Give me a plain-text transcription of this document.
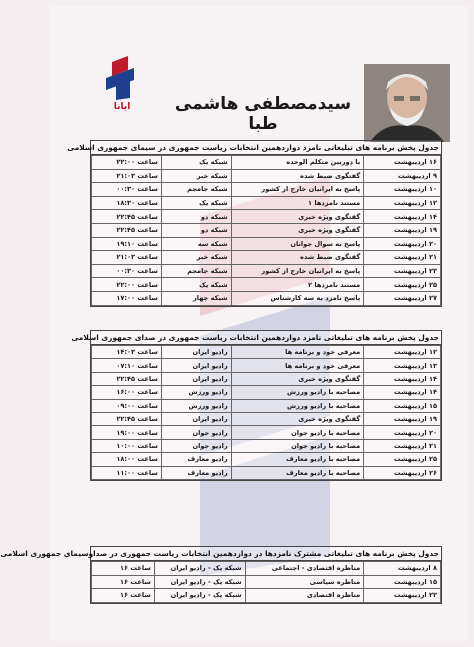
ایانا	سیدمصطفی هاشمی طبا
جدول پخش برنامه های تبلیغاتی نامزد دوازدهمین انتخابات ریاست جمهوری در سیمای جمهوری اسلامی
۱۶ اردیبهشت	با دوربین متکلم الوحده	شبکه یک	ساعت ۲۲:۰۰
۹ اردیبهشت	گفتگوی ضبط شده	شبکه خبر	ساعت ۲۱:۰۳
۱۰ اردیبهشت	پاسخ به ایرانیان خارج از کشور	شبکه جامجم	ساعت ۰۰:۳۰
۱۲ اردیبهشت	مستند نامزدها ۱	شبکه یک	ساعت ۱۸:۳۰
۱۴ اردیبهشت	گفتگوی ویژه خبری	شبکه دو	ساعت ۲۲:۴۵
۱۹ اردیبهشت	گفتگوی ویژه خبری	شبکه دو	ساعت ۲۲:۴۵
۲۰ اردیبهشت	پاسخ به سوال جوانان	شبکه سه	ساعت ۱۹:۱۰
۲۱ اردیبهشت	گفتگوی ضبط شده	شبکه خبر	ساعت ۲۱:۰۳
۲۳ اردیبهشت	پاسخ به ایرانیان خارج از کشور	شبکه جامجم	ساعت ۰۰:۳۰
۲۵ اردیبهشت	مستند نامزدها ۲	شبکه یک	ساعت ۲۲:۰۰
۲۷ اردیبهشت	پاسخ نامزد به سه کارشناس	شبکه چهار	ساعت ۱۷:۰۰
جدول پخش برنامه های تبلیغاتی نامزد دوازدهمین انتخابات ریاست جمهوری در صدای جمهوری اسلامی
۱۲ اردیبهشت	معرفی خود و برنامه ها	رادیو ایران	ساعت ۱۴:۰۳
۱۳ اردیبهشت	معرفی خود و برنامه ها	رادیو ایران	ساعت ۰۷:۱۰
۱۴ اردیبهشت	گفتگوی ویژه خبری	رادیو ایران	ساعت ۲۲:۴۵
۱۴ اردیبهشت	مصاحبه با رادیو ورزش	رادیو ورزش	ساعت ۱۶:۰۰
۱۵ اردیبهشت	مصاحبه با رادیو ورزش	رادیو ورزش	ساعت ۰۹:۰۰
۱۹ اردیبهشت	گفتگوی ویژه خبری	رادیو ایران	ساعت ۲۲:۴۵
۲۰ اردیبهشت	مصاحبه با رادیو جوان	رادیو جوان	ساعت ۱۹:۰۰
۲۱ اردیبهشت	مصاحبه با رادیو جوان	رادیو جوان	ساعت ۱۰:۰۰
۲۵ اردیبهشت	مصاحبه با رادیو معارف	رادیو معارف	ساعت ۱۸:۰۰
۲۶ اردیبهشت	مصاحبه با رادیو معارف	رادیو معارف	ساعت ۱۱:۰۰
جدول پخش برنامه های تبلیغاتی مشترک نامزدها در دوازدهمین انتخابات ریاست جمهوری در صداوسیمای جمهوری اسلامی
۸ اردیبهشت	مناظره اقتصادی - اجتماعی	شبکه یک - رادیو ایران	ساعت ۱۶
۱۵ اردیبهشت	مناظره سیاسی	شبکه یک - رادیو ایران	ساعت ۱۶
۲۲ اردیبهشت	مناظره اقتصادی	شبکه یک - رادیو ایران	ساعت ۱۶
